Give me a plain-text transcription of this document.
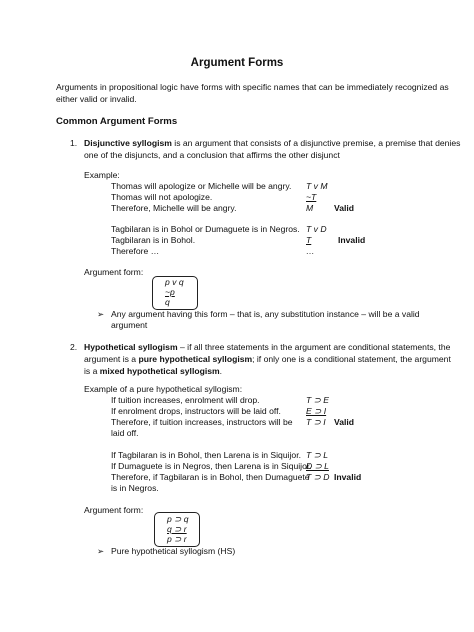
Argument Forms
Arguments in propositional logic have forms with specific names that can be immediately recognized as
either valid or invalid.
Common Argument Forms
1. Disjunctive syllogism is an argument that consists of a disjunctive premise, a premise that denies
one of the disjuncts, and a conclusion that affirms the other disjunct
Example:
Thomas will apologize or Michelle will be angry.
Thomas will not apologize.
Therefore, Michelle will be angry.
T v M
~T
M Valid
Tagbilaran is in Bohol or Dumaguete is in Negros.
Tagbilaran is in Bohol.
Therefore …
T v D
T
…
Invalid
Argument form:
p v q
~p
q
➢ Any argument having this form – that is, any substitution instance – will be a valid
argument
2. Hypothetical syllogism – if all three statements in the argument are conditional statements, the
argument is a pure hypothetical syllogism; if only one is a conditional statement, the argument
is a mixed hypothetical syllogism.
Example of a pure hypothetical syllogism:
If tuition increases, enrolment will drop.
If enrolment drops, instructors will be laid off.
Therefore, if tuition increases, instructors will be
laid off.
T ⊃ E
E ⊃ I
T ⊃ I Valid
If Tagbilaran is in Bohol, then Larena is in Siquijor.
If Dumaguete is in Negros, then Larena is in Siquijor.
Therefore, if Tagbilaran is in Bohol, then Dumaguete
is in Negros.
T ⊃ L
D ⊃ L
T ⊃ D Invalid
Argument form:
p ⊃ q
q ⊃ r
p ⊃ r
➢ Pure hypothetical syllogism (HS)
